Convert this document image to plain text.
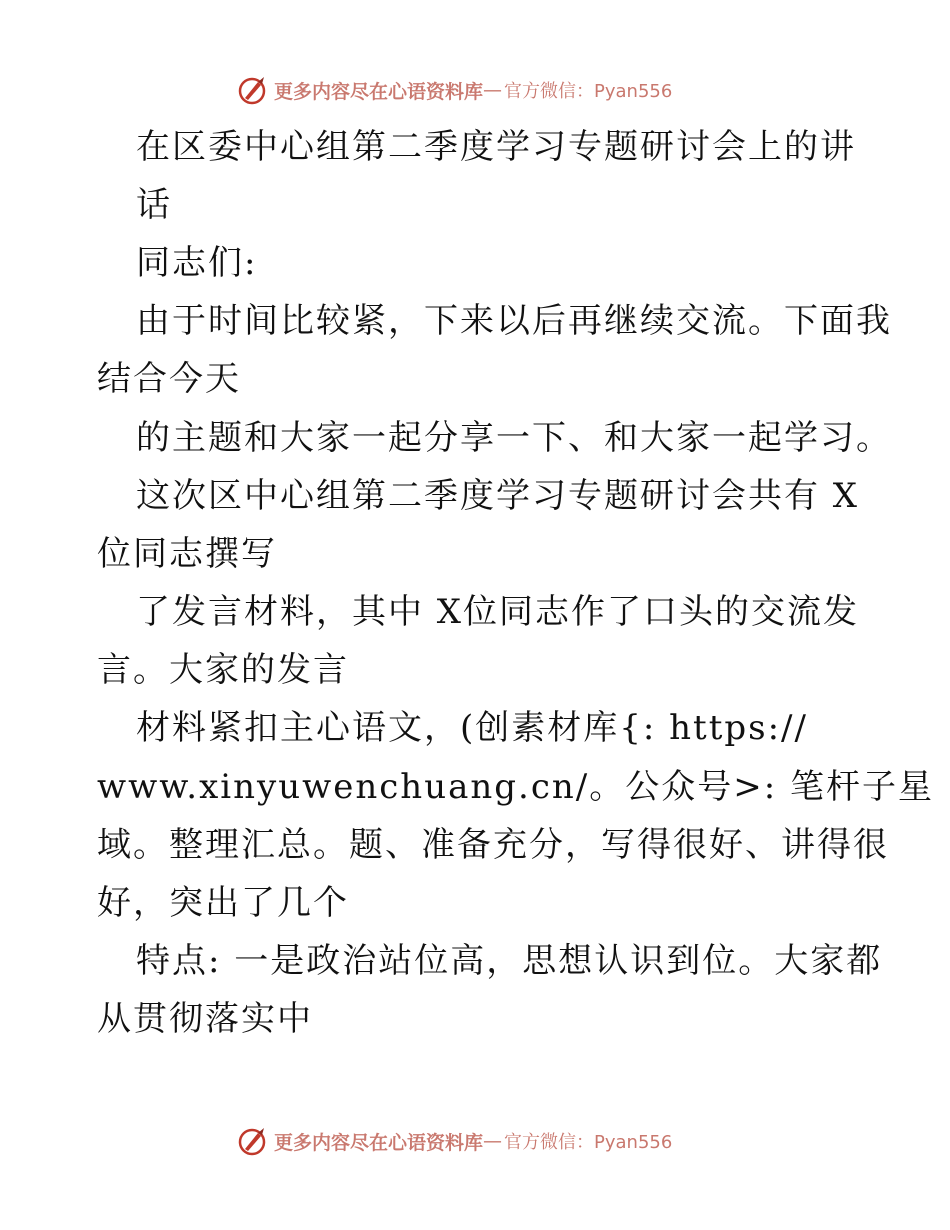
更多内容尽在心语资料库 — 官方微信：Pyan556
在区委中心组第二季度学习专题研讨会上的讲
话
同志们:
由于时间比较紧，下来以后再继续交流。下面我
结合今天
的主题和大家一起分享一下、和大家一起学习。
这次区中心组第二季度学习专题研讨会共有 X
位同志撰写
了发言材料，其中 X位同志作了口头的交流发
言。大家的发言
材料紧扣主心语文，(创素材库{: https://
www.xinyuwenchuang.cn/。公众号>: 笔杆子星
域。整理汇总。题、准备充分，写得很好、讲得很
好，突出了几个
特点: 一是政治站位高，思想认识到位。大家都
从贯彻落实中
更多内容尽在心语资料库 — 官方微信：Pyan556
